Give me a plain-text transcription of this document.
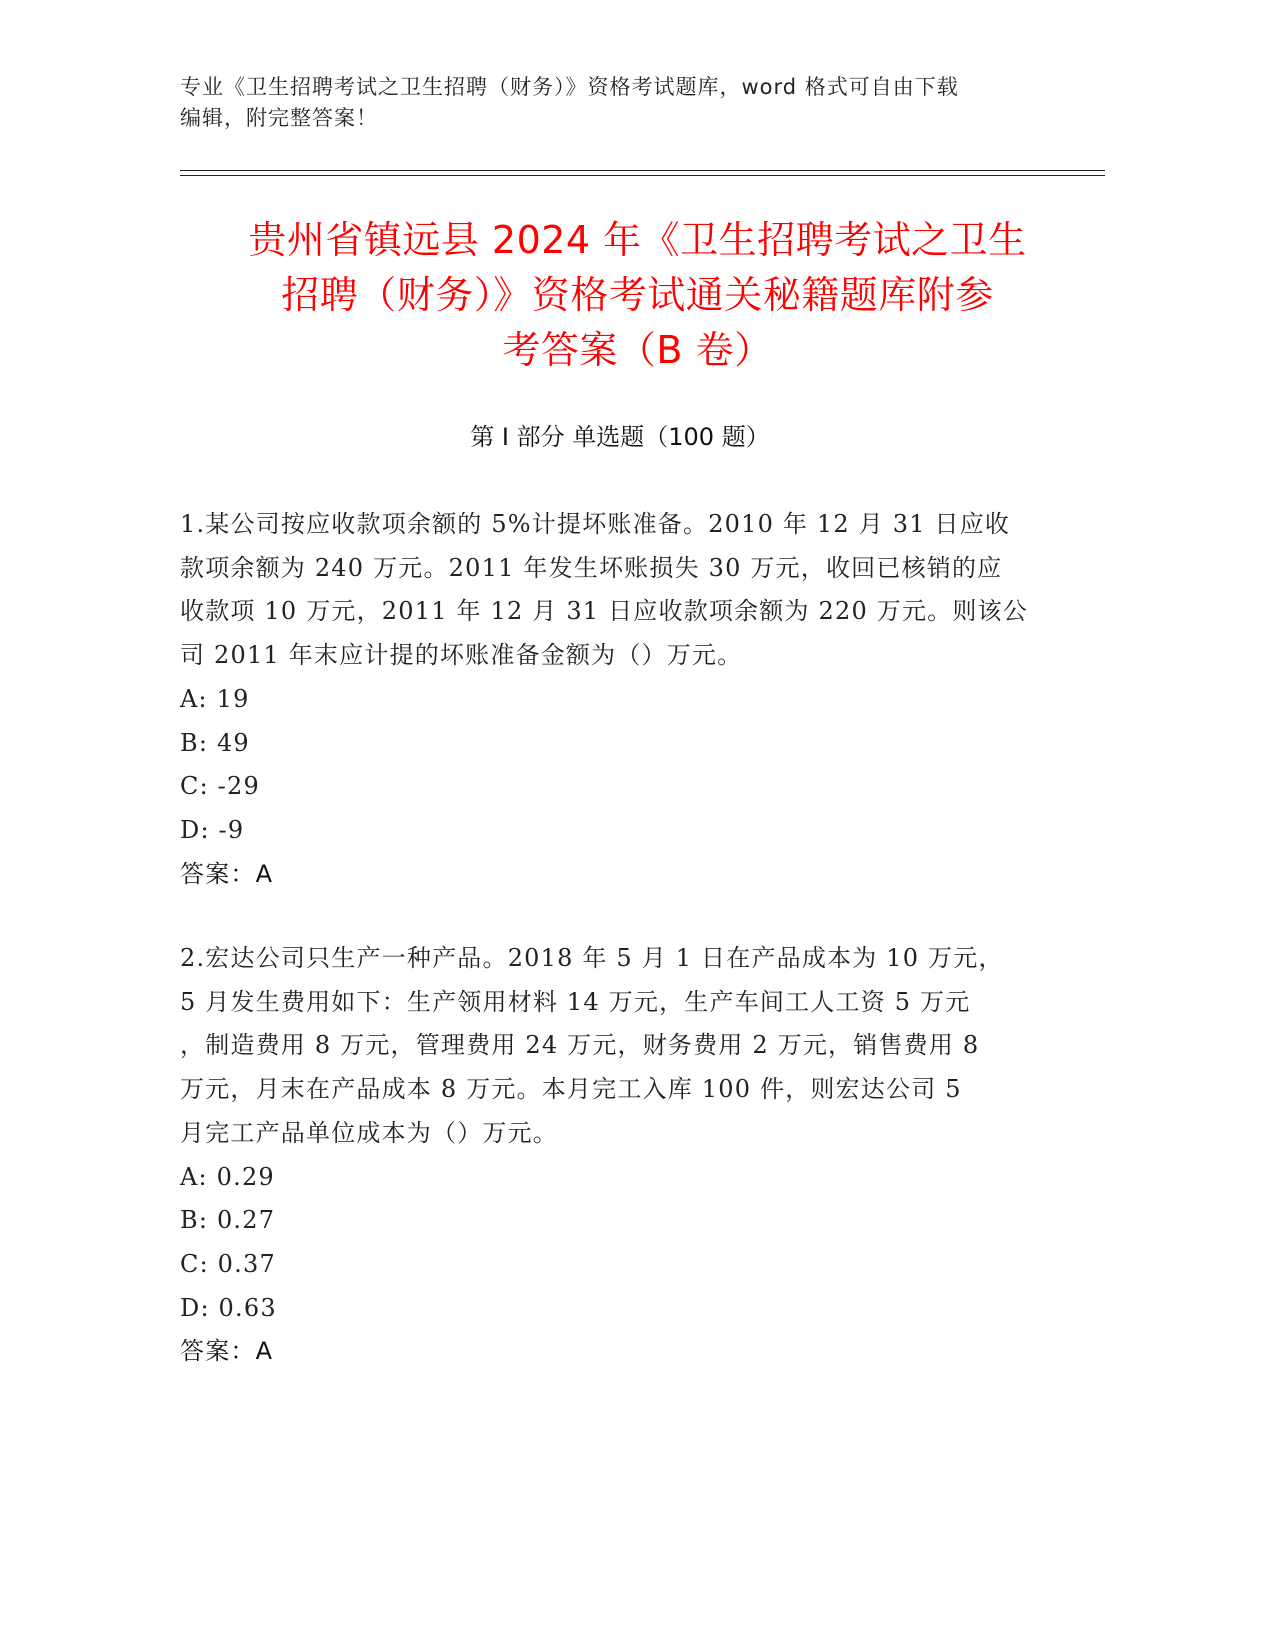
专业《卫生招聘考试之卫生招聘（财务）》资格考试题库，word 格式可自由下载
编辑，附完整答案！
贵州省镇远县 2024 年《卫生招聘考试之卫生
招聘（财务）》资格考试通关秘籍题库附参
考答案（B 卷）
第 I 部分 单选题（100 题）

1.某公司按应收款项余额的 5%计提坏账准备。2010 年 12 月 31 日应收
款项余额为 240 万元。2011 年发生坏账损失 30 万元，收回已核销的应
收款项 10 万元，2011 年 12 月 31 日应收款项余额为 220 万元。则该公
司 2011 年末应计提的坏账准备金额为（）万元。

A: 19

B: 49

C: -29

D: -9

答案：A

2.宏达公司只生产一种产品。2018 年 5 月 1 日在产品成本为 10 万元，
5 月发生费用如下：生产领用材料 14 万元，生产车间工人工资 5 万元
，制造费用 8 万元，管理费用 24 万元，财务费用 2 万元，销售费用 8
万元，月末在产品成本 8 万元。本月完工入库 100 件，则宏达公司 5
月完工产品单位成本为（）万元。

A: 0.29

B: 0.27

C: 0.37

D: 0.63

答案：A
